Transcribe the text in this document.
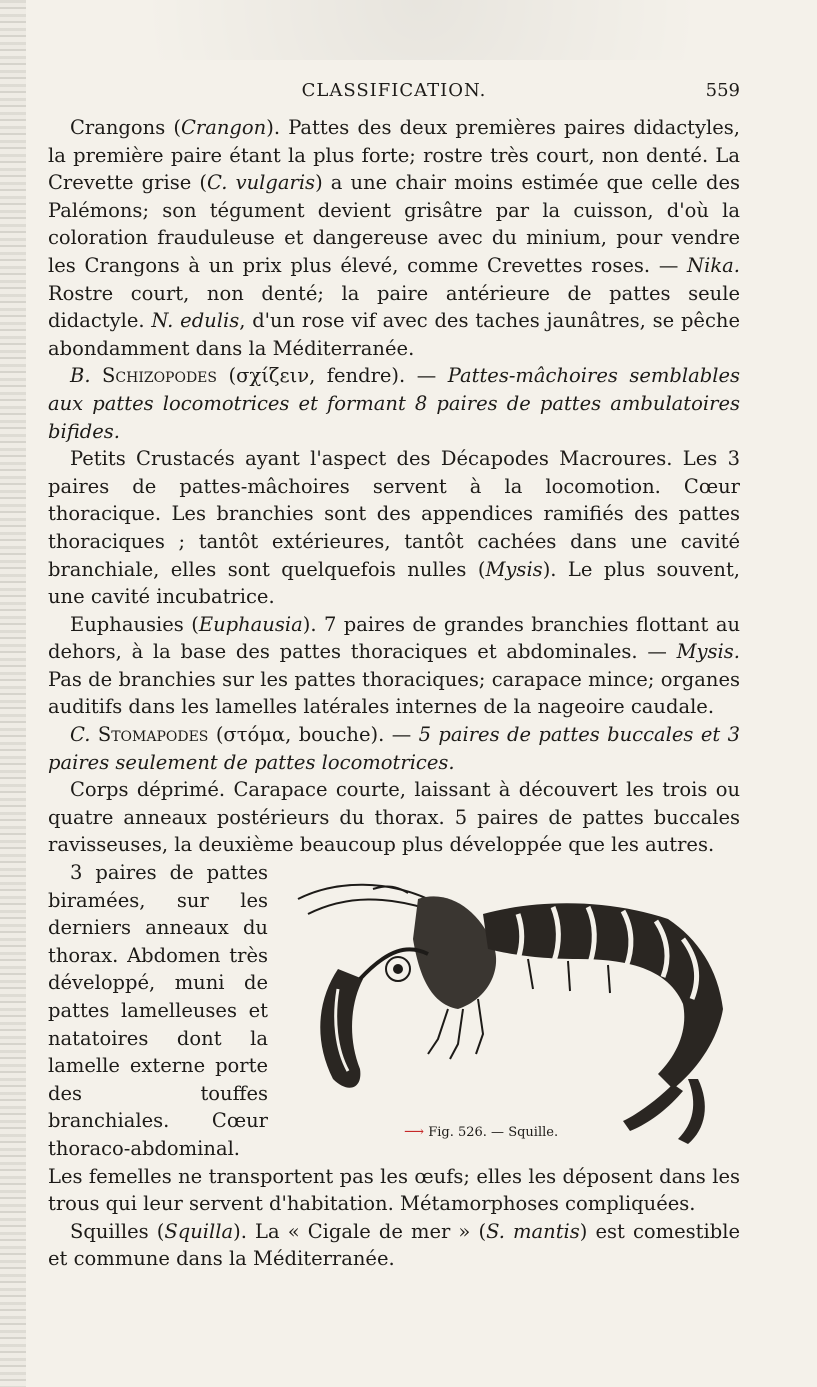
CLASSIFICATION.	559

Crangons (Crangon). Pattes des deux premières paires didactyles, la première paire étant la plus forte; rostre très court, non denté. La Crevette grise (C. vulgaris) a une chair moins estimée que celle des Palémons; son tégument devient grisâtre par la cuisson, d'où la coloration frauduleuse et dangereuse avec du minium, pour vendre les Crangons à un prix plus élevé, comme Crevettes roses. — Nika. Rostre court, non denté; la paire antérieure de pattes seule didactyle. N. edulis, d'un rose vif avec des taches jaunâtres, se pêche abondamment dans la Méditerranée.

B. Schizopodes (σχίζειν, fendre). — Pattes-mâchoires semblables aux pattes locomotrices et formant 8 paires de pattes ambulatoires bifides.

Petits Crustacés ayant l'aspect des Décapodes Macroures. Les 3 paires de pattes-mâchoires servent à la locomotion. Cœur thoracique. Les branchies sont des appendices ramifiés des pattes thoraciques ; tantôt extérieures, tantôt cachées dans une cavité branchiale, elles sont quelquefois nulles (Mysis). Le plus souvent, une cavité incubatrice.

Euphausies (Euphausia). 7 paires de grandes branchies flottant au dehors, à la base des pattes thoraciques et abdominales. — Mysis. Pas de branchies sur les pattes thoraciques; carapace mince; organes auditifs dans les lamelles latérales internes de la nageoire caudale.

C. Stomapodes (στόμα, bouche). — 5 paires de pattes buccales et 3 paires seulement de pattes locomotrices.

Corps déprimé. Carapace courte, laissant à découvert les trois ou quatre anneaux postérieurs du thorax. 5 paires de pattes buccales ravisseuses, la deuxième beaucoup plus développée que les autres.

⟶ Fig. 526. — Squille.

3 paires de pattes biramées, sur les derniers anneaux du thorax. Abdomen très développé, muni de pattes lamelleuses et natatoires dont la lamelle externe porte des touffes branchiales. Cœur thoraco-abdominal. Les femelles ne transportent pas les œufs; elles les déposent dans les trous qui leur servent d'habitation. Métamorphoses compliquées.

Squilles (Squilla). La « Cigale de mer » (S. mantis) est comestible et commune dans la Méditerranée.
